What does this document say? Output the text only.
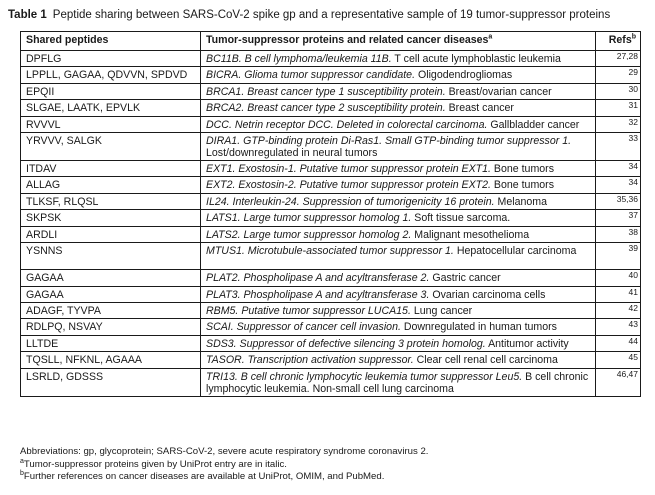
Table 1 Peptide sharing between SARS-CoV-2 spike gp and a representative sample of 19 tumor-suppressor proteins
Shared peptides	Tumor-suppressor proteins and related cancer diseases$^a$	Refs$^b$
DPFLG	BC11B. B cell lymphoma/leukemia 11B. T cell acute lymphoblastic leukemia	27,28
LPPLL, GAGAA, QDVVN, SPDVD	BICRA. Glioma tumor suppressor candidate. Oligodendrogliomas	29
EPQII	BRCA1. Breast cancer type 1 susceptibility protein. Breast/ovarian cancer	30
SLGAE, LAATK, EPVLK	BRCA2. Breast cancer type 2 susceptibility protein. Breast cancer	31
RVVVL	DCC. Netrin receptor DCC. Deleted in colorectal carcinoma. Gallbladder cancer	32
YRVVV, SALGK	DIRA1. GTP-binding protein Di-Ras1. Small GTP-binding tumor suppressor 1. Lost/downregulated in neural tumors	33
ITDAV	EXT1. Exostosin-1. Putative tumor suppressor protein EXT1. Bone tumors	34
ALLAG	EXT2. Exostosin-2. Putative tumor suppressor protein EXT2. Bone tumors	34
TLKSF, RLQSL	IL24. Interleukin-24. Suppression of tumorigenicity 16 protein. Melanoma	35,36
SKPSK	LATS1. Large tumor suppressor homolog 1. Soft tissue sarcoma.	37
ARDLI	LATS2. Large tumor suppressor homolog 2. Malignant mesothelioma	38
YSNNS	MTUS1. Microtubule-associated tumor suppressor 1. Hepatocellular carcinoma	39
GAGAA	PLAT2. Phospholipase A and acyltransferase 2. Gastric cancer	40
GAGAA	PLAT3. Phospholipase A and acyltransferase 3. Ovarian carcinoma cells	41
ADAGF, TYVPA	RBM5. Putative tumor suppressor LUCA15. Lung cancer	42
RDLPQ, NSVAY	SCAI. Suppressor of cancer cell invasion. Downregulated in human tumors	43
LLTDE	SDS3. Suppressor of defective silencing 3 protein homolog. Antitumor activity	44
TQSLL, NFKNL, AGAAA	TASOR. Transcription activation suppressor. Clear cell renal cell carcinoma	45
LSRLD, GDSSS	TRI13. B cell chronic lymphocytic leukemia tumor suppressor Leu5. B cell chronic lymphocytic leukemia. Non-small cell lung carcinoma	46,47
Abbreviations: gp, glycoprotein; SARS-CoV-2, severe acute respiratory syndrome coronavirus 2.
$^a$Tumor-suppressor proteins given by UniProt entry are in italic.
$^b$Further references on cancer diseases are available at UniProt, OMIM, and PubMed.
